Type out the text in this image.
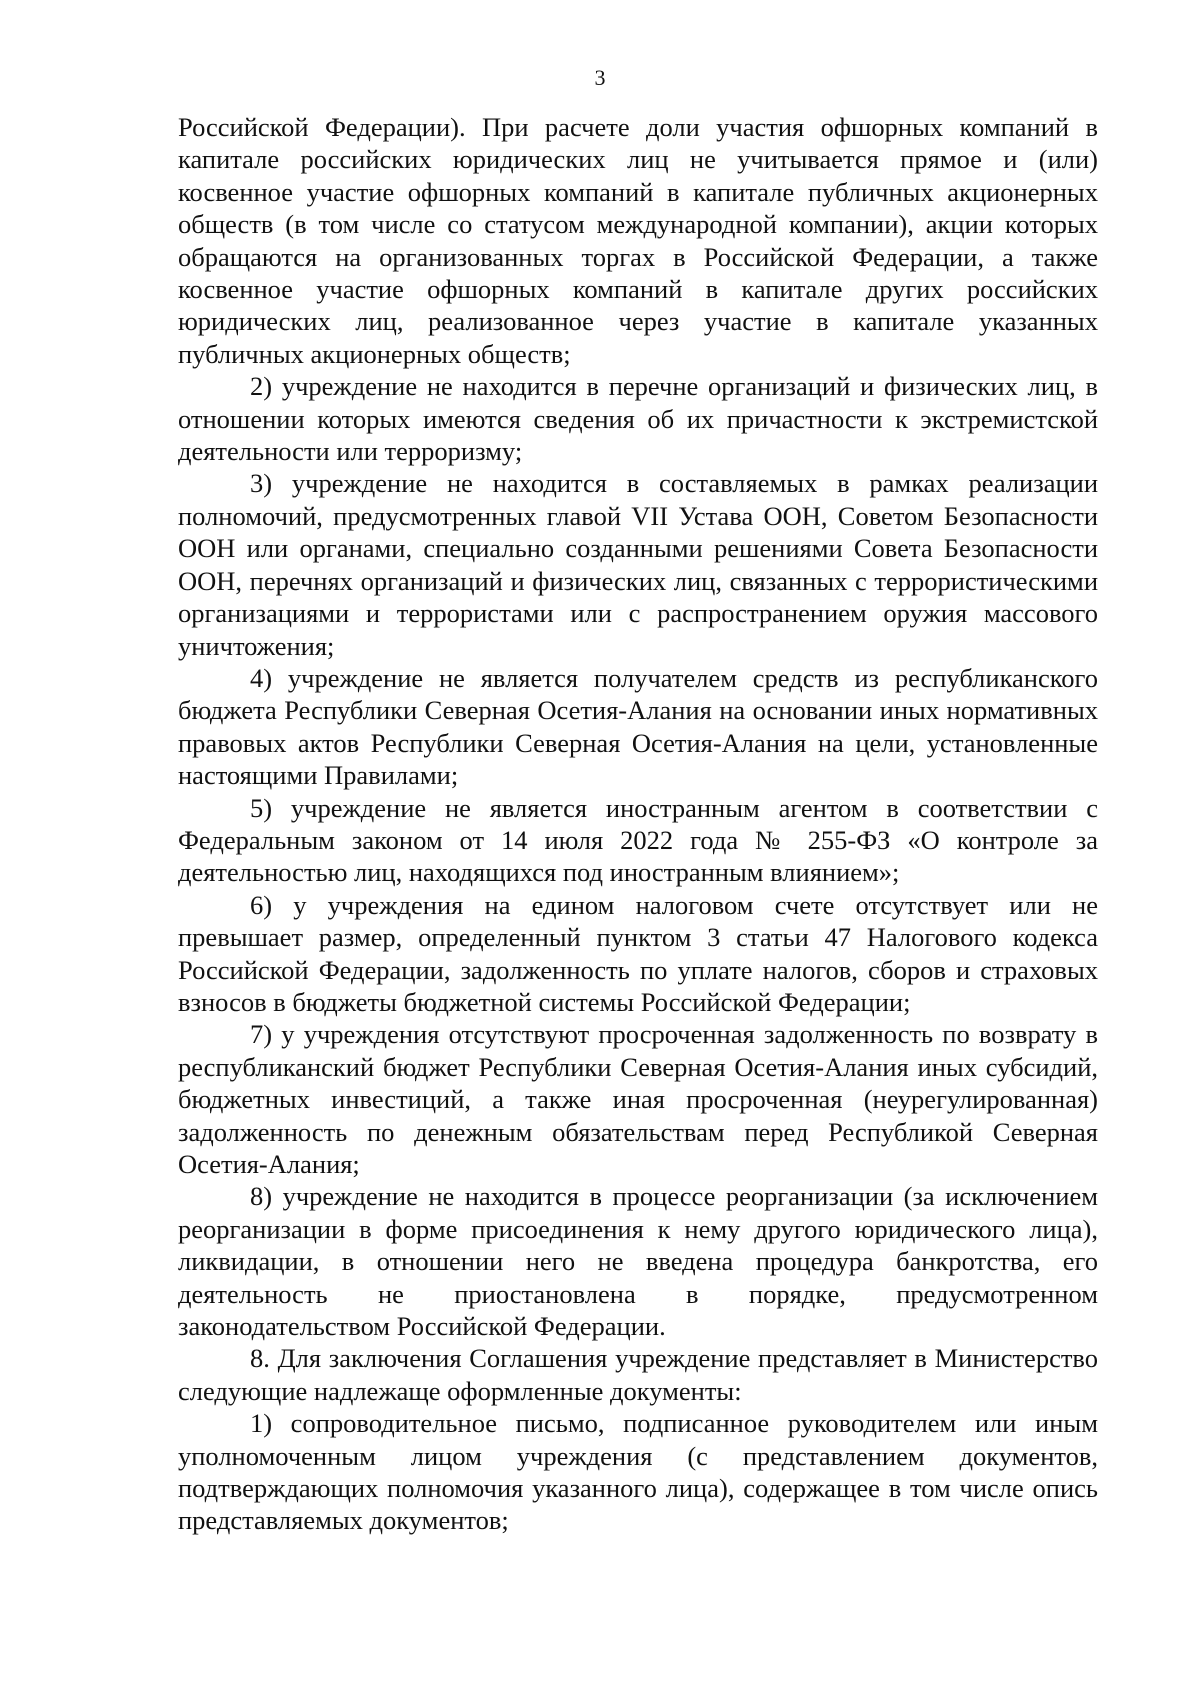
3

Российской Федерации). При расчете доли участия офшорных компаний в капитале российских юридических лиц не учитывается прямое и (или) косвенное участие офшорных компаний в капитале публичных акционерных обществ (в том числе со статусом международной компании), акции которых обращаются на организованных торгах в Российской Федерации, а также косвенное участие офшорных компаний в капитале других российских юридических лиц, реализованное через участие в капитале указанных публичных акционерных обществ;

2) учреждение не находится в перечне организаций и физических лиц, в отношении которых имеются сведения об их причастности к экстремистской деятельности или терроризму;

3) учреждение не находится в составляемых в рамках реализации полномочий, предусмотренных главой VII Устава ООН, Советом Безопасности ООН или органами, специально созданными решениями Совета Безопасности ООН, перечнях организаций и физических лиц, связанных с террористическими организациями и террористами или с распространением оружия массового уничтожения;

4) учреждение не является получателем средств из республиканского бюджета Республики Северная Осетия-Алания на основании иных нормативных правовых актов Республики Северная Осетия-Алания на цели, установленные настоящими Правилами;

5) учреждение не является иностранным агентом в соответствии с Федеральным законом от 14 июля 2022 года № 255-ФЗ «О контроле за деятельностью лиц, находящихся под иностранным влиянием»;

6) у учреждения на едином налоговом счете отсутствует или не превышает размер, определенный пунктом 3 статьи 47 Налогового кодекса Российской Федерации, задолженность по уплате налогов, сборов и страховых взносов в бюджеты бюджетной системы Российской Федерации;

7) у учреждения отсутствуют просроченная задолженность по возврату в республиканский бюджет Республики Северная Осетия-Алания иных субсидий, бюджетных инвестиций, а также иная просроченная (неурегулированная) задолженность по денежным обязательствам перед Республикой Северная Осетия-Алания;

8) учреждение не находится в процессе реорганизации (за исключением реорганизации в форме присоединения к нему другого юридического лица), ликвидации, в отношении него не введена процедура банкротства, его деятельность не приостановлена в порядке, предусмотренном законодательством Российской Федерации.

8. Для заключения Соглашения учреждение представляет в Министерство следующие надлежаще оформленные документы:

1) сопроводительное письмо, подписанное руководителем или иным уполномоченным лицом учреждения (с представлением документов, подтверждающих полномочия указанного лица), содержащее в том числе опись представляемых документов;
